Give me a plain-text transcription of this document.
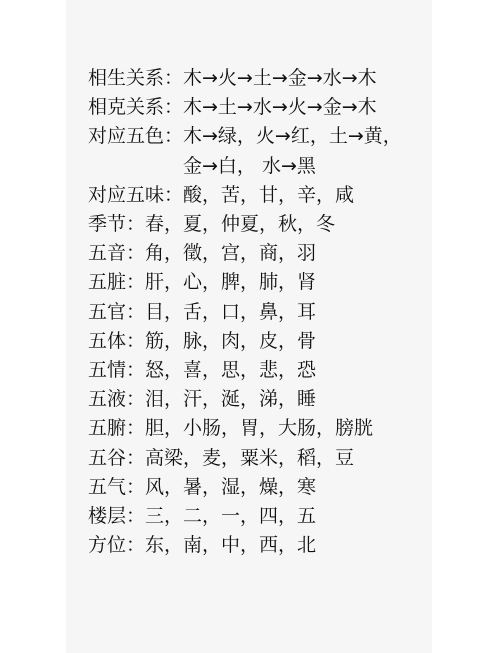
相生关系： 木→火→土→金→水→木
相克关系： 木→土→水→火→金→木
对应五色： 木→绿，火→红，土→黄，
金→白， 水→黑
对应五味： 酸，苦，甘，辛，咸
季节： 春，夏，仲夏，秋，冬
五音： 角，徵，宫，商，羽
五脏： 肝，心，脾，肺，肾
五官： 目，舌，口，鼻，耳
五体： 筋，脉，肉，皮，骨
五情： 怒，喜，思，悲，恐
五液： 泪，汗，涎，涕，睡
五腑： 胆，小肠，胃，大肠，膀胱
五谷： 高梁，麦，粟米，稻，豆
五气： 风，暑，湿，燥，寒
楼层： 三，二，一，四，五
方位： 东，南，中，西，北
